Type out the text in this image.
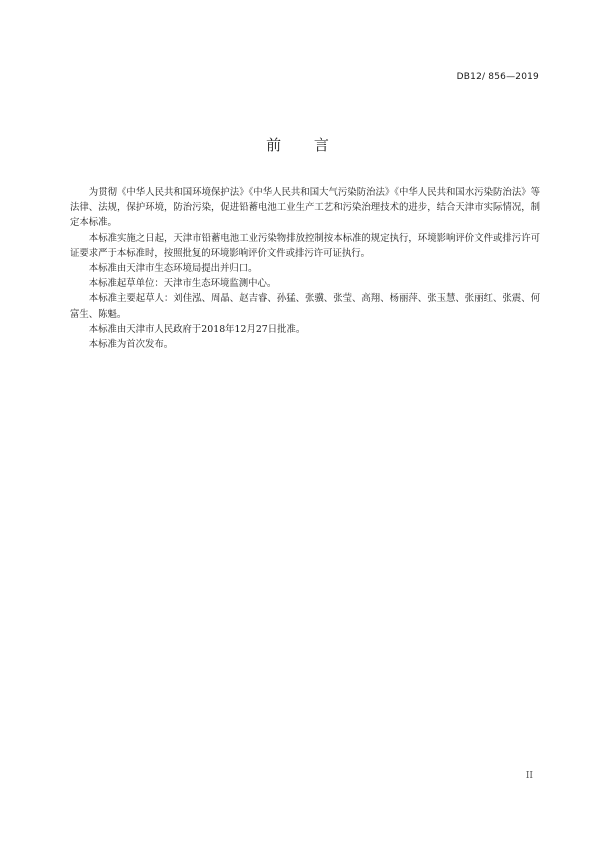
DB12/ 856—2019
前 言

为贯彻《中华人民共和国环境保护法》《中华人民共和国大气污染防治法》《中华人民共和国水污染防治法》等法律、法规，保护环境，防治污染，促进铅蓄电池工业生产工艺和污染治理技术的进步，结合天津市实际情况，制定本标准。

本标准实施之日起，天津市铅蓄电池工业污染物排放控制按本标准的规定执行，环境影响评价文件或排污许可证要求严于本标准时，按照批复的环境影响评价文件或排污许可证执行。

本标准由天津市生态环境局提出并归口。

本标准起草单位：天津市生态环境监测中心。

本标准主要起草人：刘佳泓、周晶、赵吉睿、孙猛、张骥、张莹、高翔、杨丽萍、张玉慧、张丽红、张震、何富生、陈魁。

本标准由天津市人民政府于2018年12月27日批准。

本标准为首次发布。

II
